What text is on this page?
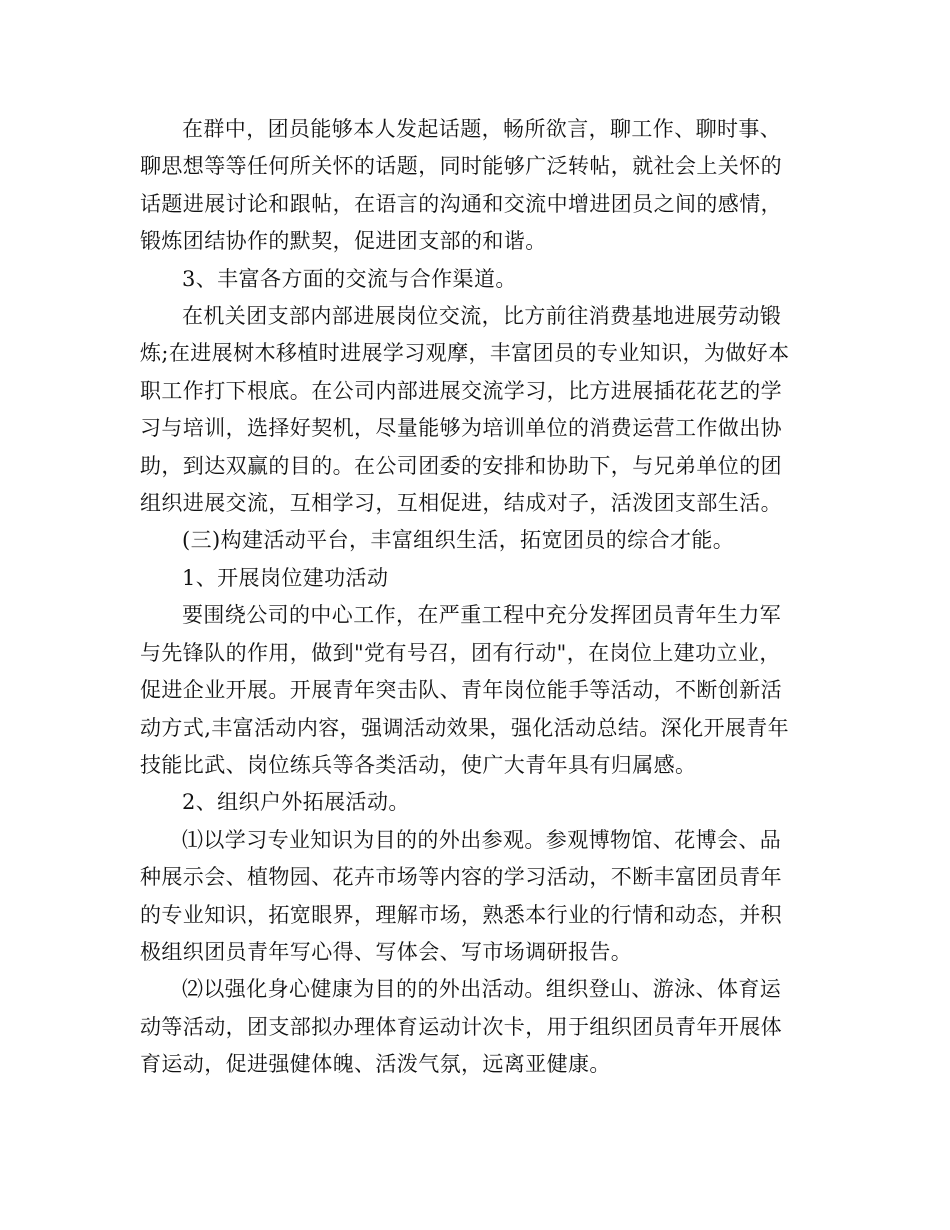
在群中，团员能够本人发起话题，畅所欲言，聊工作、聊时事、
聊思想等等任何所关怀的话题，同时能够广泛转帖，就社会上关怀的
话题进展讨论和跟帖，在语言的沟通和交流中增进团员之间的感情，
锻炼团结协作的默契，促进团支部的和谐。
3、丰富各方面的交流与合作渠道。
在机关团支部内部进展岗位交流，比方前往消费基地进展劳动锻
炼;在进展树木移植时进展学习观摩，丰富团员的专业知识，为做好本
职工作打下根底。在公司内部进展交流学习，比方进展插花花艺的学
习与培训，选择好契机，尽量能够为培训单位的消费运营工作做出协
助，到达双赢的目的。在公司团委的安排和协助下，与兄弟单位的团
组织进展交流，互相学习，互相促进，结成对子，活泼团支部生活。
(三)构建活动平台，丰富组织生活，拓宽团员的综合才能。
1、开展岗位建功活动
要围绕公司的中心工作，在严重工程中充分发挥团员青年生力军
与先锋队的作用，做到"党有号召，团有行动"，在岗位上建功立业，
促进企业开展。开展青年突击队、青年岗位能手等活动，不断创新活
动方式,丰富活动内容，强调活动效果，强化活动总结。深化开展青年
技能比武、岗位练兵等各类活动，使广大青年具有归属感。
2、组织户外拓展活动。
⑴以学习专业知识为目的的外出参观。参观博物馆、花博会、品
种展示会、植物园、花卉市场等内容的学习活动，不断丰富团员青年
的专业知识，拓宽眼界，理解市场，熟悉本行业的行情和动态，并积
极组织团员青年写心得、写体会、写市场调研报告。
⑵以强化身心健康为目的的外出活动。组织登山、游泳、体育运
动等活动，团支部拟办理体育运动计次卡，用于组织团员青年开展体
育运动，促进强健体魄、活泼气氛，远离亚健康。
